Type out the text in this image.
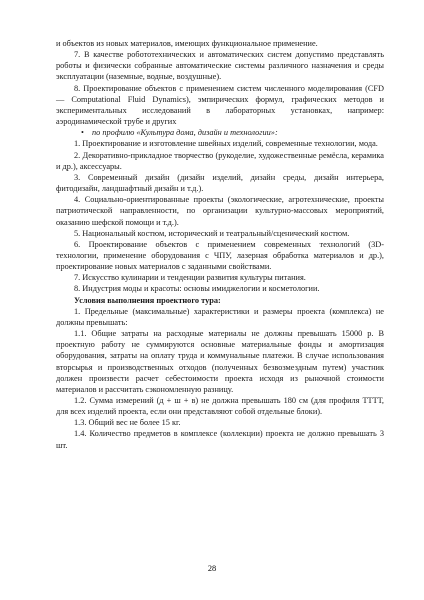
и объектов из новых материалов, имеющих функциональное применение.

7. В качестве робототехнических и автоматических систем допустимо представлять роботы и физически собранные автоматические системы различного назначения и среды эксплуатации (наземные, водные, воздушные).

8. Проектирование объектов с применением систем численного моделирования (CFD — Computational Fluid Dynamics), эмпирических формул, графических методов и экспериментальных исследований в лабораторных установках, например: аэродинамической трубе и других

• по профилю «Культура дома, дизайн и технологии»:

1. Проектирование и изготовление швейных изделий, современные технологии, мода.

2. Декоративно-прикладное творчество (рукоделие, художественные ремёсла, керамика и др.), аксессуары.

3. Современный дизайн (дизайн изделий, дизайн среды, дизайн интерьера, фитодизайн, ландшафтный дизайн и т.д.).

4. Социально-ориентированные проекты (экологические, агротехнические, проекты патриотической направленности, по организации культурно-массовых мероприятий, оказанию шефской помощи и т.д.).

5. Национальный костюм, исторический и театральный/сценический костюм.

6. Проектирование объектов с применением современных технологий (3D- технологии, применение оборудования с ЧПУ, лазерная обработка материалов и др.), проектирование новых материалов с заданными свойствами.

7. Искусство кулинарии и тенденции развития культуры питания.

8. Индустрия моды и красоты: основы имиджелогии и косметологии.

Условия выполнения проектного тура:

1. Предельные (максимальные) характеристики и размеры проекта (комплекса) не должны превышать:

1.1. Общие затраты на расходные материалы не должны превышать 15000 р. В проектную работу не суммируются основные материальные фонды и амортизация оборудования, затраты на оплату труда и коммунальные платежи. В случае использования вторсырья и производственных отходов (полученных безвозмездным путем) участник должен произвести расчет себестоимости проекта исходя из рыночной стоимости материалов и рассчитать сэкономленную разницу.

1.2. Сумма измерений (д + ш + в) не должна превышать 180 см (для профиля ТТТТ, для всех изделий проекта, если они представляют собой отдельные блоки).

1.3. Общий вес не более 15 кг.

1.4. Количество предметов в комплексе (коллекции) проекта не должно превышать 3 шт.

28
